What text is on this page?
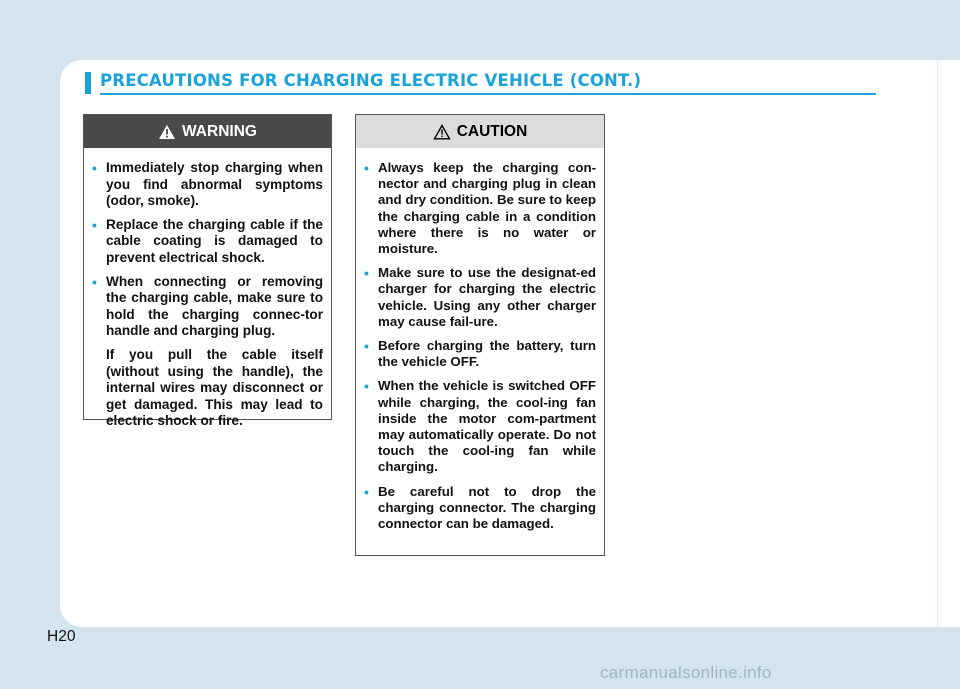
PRECAUTIONS FOR CHARGING ELECTRIC VEHICLE (CONT.)
WARNING
• Immediately stop charging when you find abnormal symptoms (odor, smoke).
• Replace the charging cable if the cable coating is damaged to prevent electrical shock.
• When connecting or removing the charging cable, make sure to hold the charging connec-tor handle and charging plug.
If you pull the cable itself (without using the handle), the internal wires may disconnect or get damaged. This may lead to electric shock or fire.
CAUTION
• Always keep the charging con-nector and charging plug in clean and dry condition. Be sure to keep the charging cable in a condition where there is no water or moisture.
• Make sure to use the designat-ed charger for charging the electric vehicle. Using any other charger may cause fail-ure.
• Before charging the battery, turn the vehicle OFF.
• When the vehicle is switched OFF while charging, the cool-ing fan inside the motor com-partment may automatically operate. Do not touch the cool-ing fan while charging.
• Be careful not to drop the charging connector. The charging connector can be damaged.
H20
carmanualsonline.info
